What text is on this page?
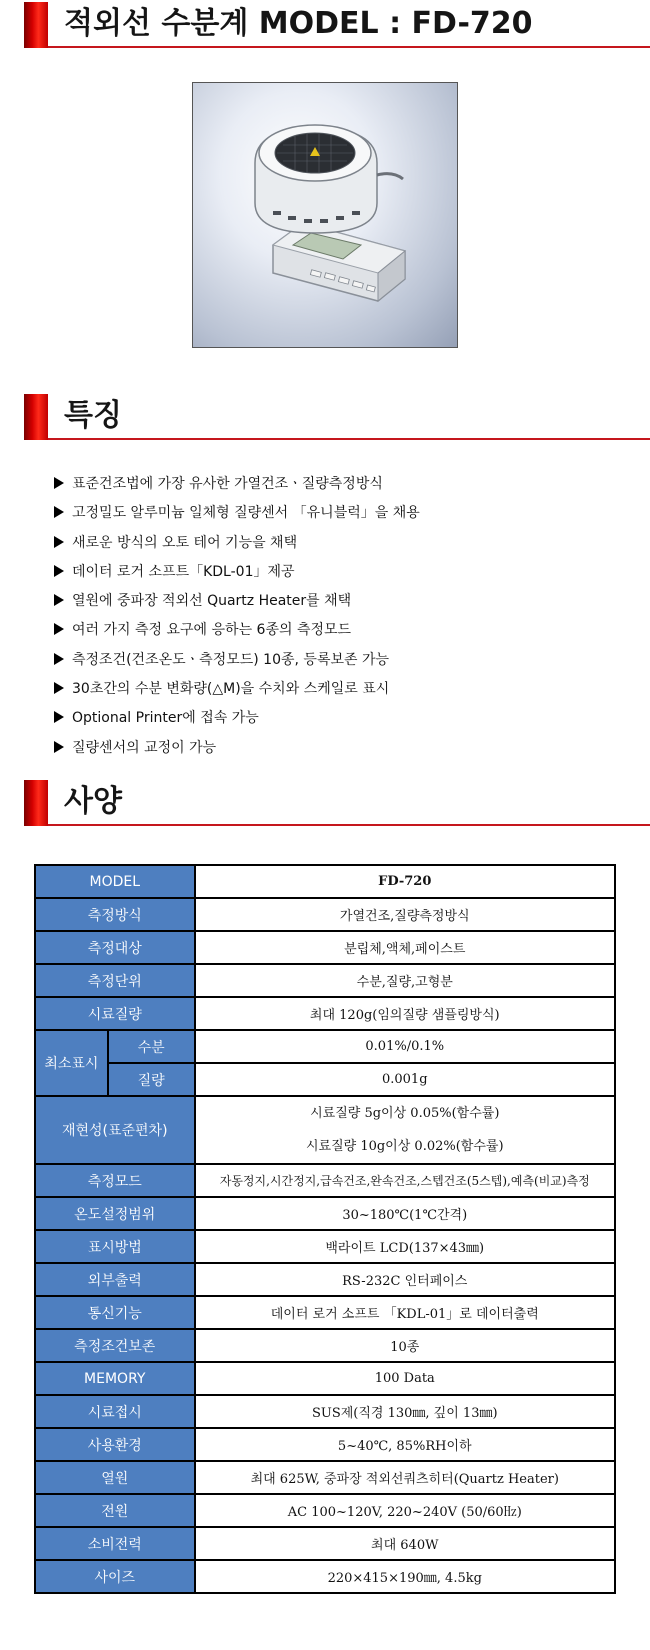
적외선 수분계 MODEL : FD-720
특징
표준건조법에 가장 유사한 가열건조ㆍ질량측정방식
고정밀도 알루미늄 일체형 질량센서 「유니블럭」을 채용
새로운 방식의 오토 테어 기능을 채택
데이터 로거 소프트「KDL-01」제공
열원에 중파장 적외선 Quartz Heater를 채택
여러 가지 측정 요구에 응하는 6종의 측정모드
측정조건(건조온도ㆍ측정모드) 10종, 등록보존 가능
30초간의 수분 변화량(△M)을 수치와 스케일로 표시
Optional Printer에 접속 가능
질량센서의 교정이 가능
사양
MODEL		FD-720
측정방식		가열건조,질량측정방식
측정대상		분립체,액체,페이스트
측정단위		수분,질량,고형분
시료질량		최대 120g(임의질량 샘플링방식)
최소표시	수분	0.01%/0.1%
	질량	0.001g
재현성(표준편차)		시료질량 5g이상 0.05%(함수률)
시료질량 10g이상 0.02%(함수률)

측정모드		자동정지,시간정지,급속건조,완속건조,스텝건조(5스텝),예측(비교)측정
온도설정범위		30~180℃(1℃간격)
표시방법		백라이트 LCD(137×43㎜)
외부출력		RS-232C 인터페이스
통신기능		데이터 로거 소프트 「KDL-01」로 데이터출력
측정조건보존		10종
MEMORY		100 Data
시료접시		SUS제(직경 130㎜, 깊이 13㎜)
사용환경		5~40℃, 85%RH이하
열원		최대 625W, 중파장 적외선쿼츠히터(Quartz Heater)
전원		AC 100~120V, 220~240V (50/60㎐)
소비전력		최대 640W
사이즈		220×415×190㎜, 4.5kg
